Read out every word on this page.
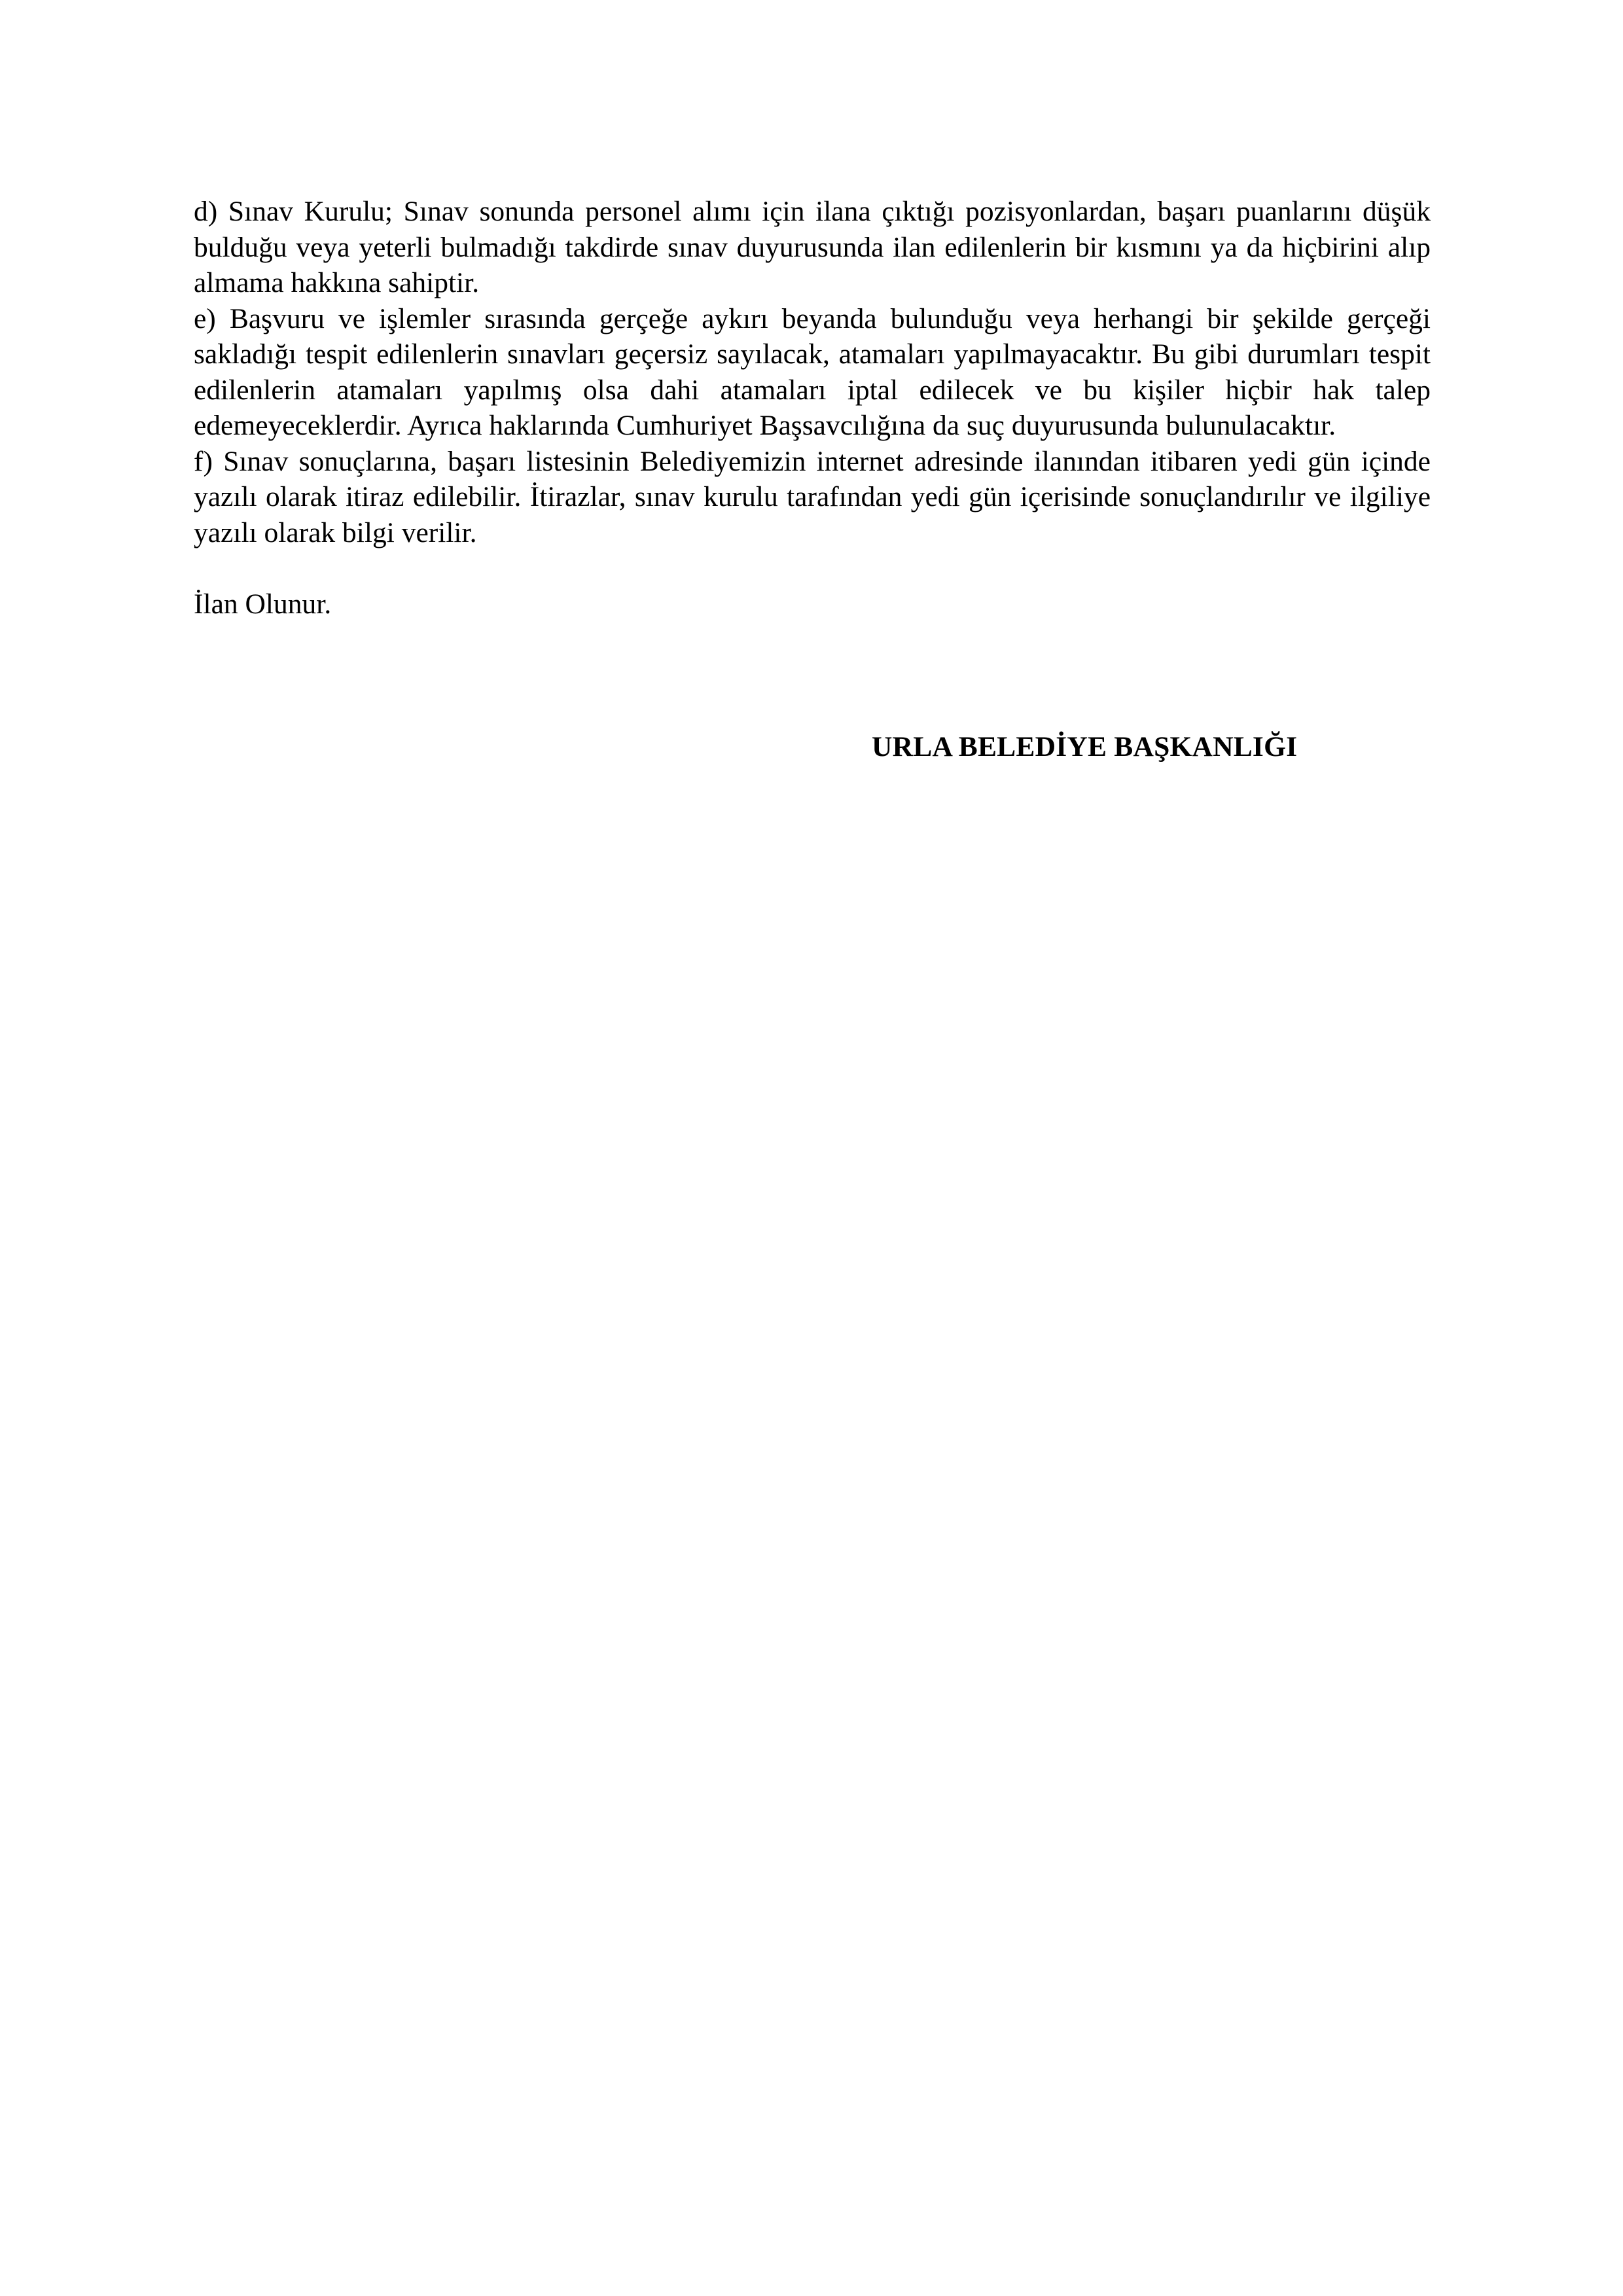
d) Sınav Kurulu; Sınav sonunda personel alımı için ilana çıktığı pozisyonlardan, başarı puanlarını düşük bulduğu veya yeterli bulmadığı takdirde sınav duyurusunda ilan edilenlerin bir kısmını ya da hiçbirini alıp almama hakkına sahiptir.

e) Başvuru ve işlemler sırasında gerçeğe aykırı beyanda bulunduğu veya herhangi bir şekilde gerçeği sakladığı tespit edilenlerin sınavları geçersiz sayılacak, atamaları yapılmayacaktır. Bu gibi durumları tespit edilenlerin atamaları yapılmış olsa dahi atamaları iptal edilecek ve bu kişiler hiçbir hak talep edemeyeceklerdir. Ayrıca haklarında Cumhuriyet Başsavcılığına da suç duyurusunda bulunulacaktır.

f) Sınav sonuçlarına, başarı listesinin Belediyemizin internet adresinde ilanından itibaren yedi gün içinde yazılı olarak itiraz edilebilir. İtirazlar, sınav kurulu tarafından yedi gün içerisinde sonuçlandırılır ve ilgiliye yazılı olarak bilgi verilir.

İlan Olunur.

URLA BELEDİYE BAŞKANLIĞI
